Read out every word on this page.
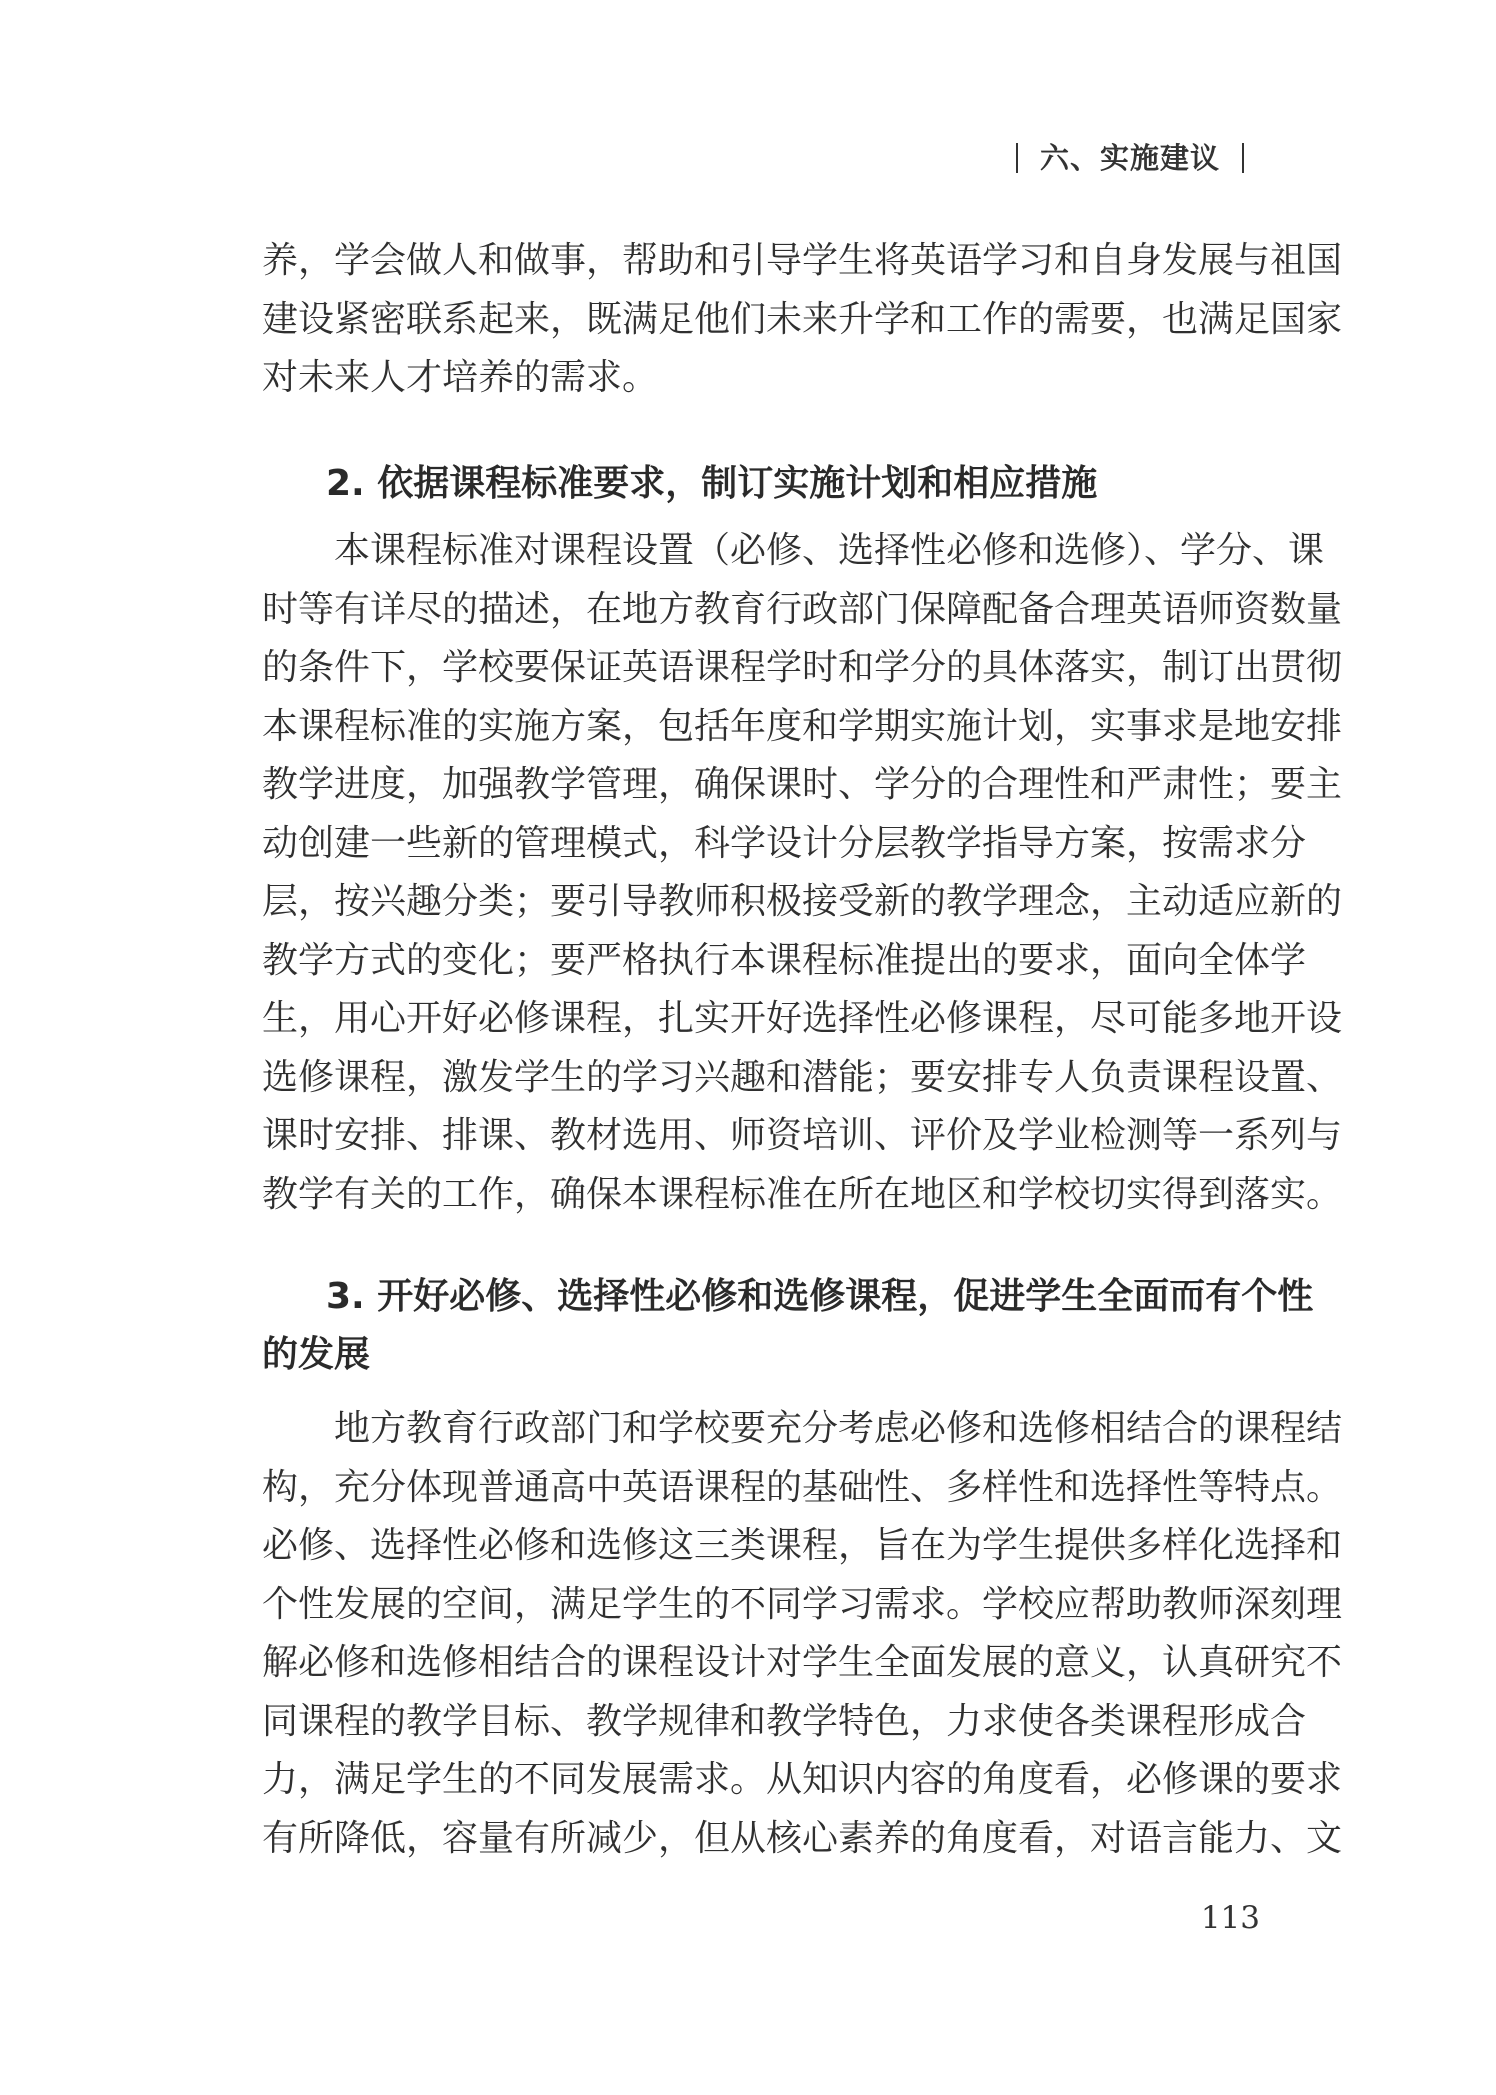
六、实施建议

养，学会做人和做事，帮助和引导学生将英语学习和自身发展与祖国
建设紧密联系起来，既满足他们未来升学和工作的需要，也满足国家
对未来人才培养的需求。

2. 依据课程标准要求，制订实施计划和相应措施

本课程标准对课程设置（必修、选择性必修和选修）、学分、课
时等有详尽的描述，在地方教育行政部门保障配备合理英语师资数量
的条件下，学校要保证英语课程学时和学分的具体落实，制订出贯彻
本课程标准的实施方案，包括年度和学期实施计划，实事求是地安排
教学进度，加强教学管理，确保课时、学分的合理性和严肃性；要主
动创建一些新的管理模式，科学设计分层教学指导方案，按需求分
层，按兴趣分类；要引导教师积极接受新的教学理念，主动适应新的
教学方式的变化；要严格执行本课程标准提出的要求，面向全体学
生，用心开好必修课程，扎实开好选择性必修课程，尽可能多地开设
选修课程，激发学生的学习兴趣和潜能；要安排专人负责课程设置、
课时安排、排课、教材选用、师资培训、评价及学业检测等一系列与
教学有关的工作，确保本课程标准在所在地区和学校切实得到落实。

3. 开好必修、选择性必修和选修课程，促进学生全面而有个性
的发展

地方教育行政部门和学校要充分考虑必修和选修相结合的课程结
构，充分体现普通高中英语课程的基础性、多样性和选择性等特点。
必修、选择性必修和选修这三类课程，旨在为学生提供多样化选择和
个性发展的空间，满足学生的不同学习需求。学校应帮助教师深刻理
解必修和选修相结合的课程设计对学生全面发展的意义，认真研究不
同课程的教学目标、教学规律和教学特色，力求使各类课程形成合
力，满足学生的不同发展需求。从知识内容的角度看，必修课的要求
有所降低，容量有所减少，但从核心素养的角度看，对语言能力、文

113
